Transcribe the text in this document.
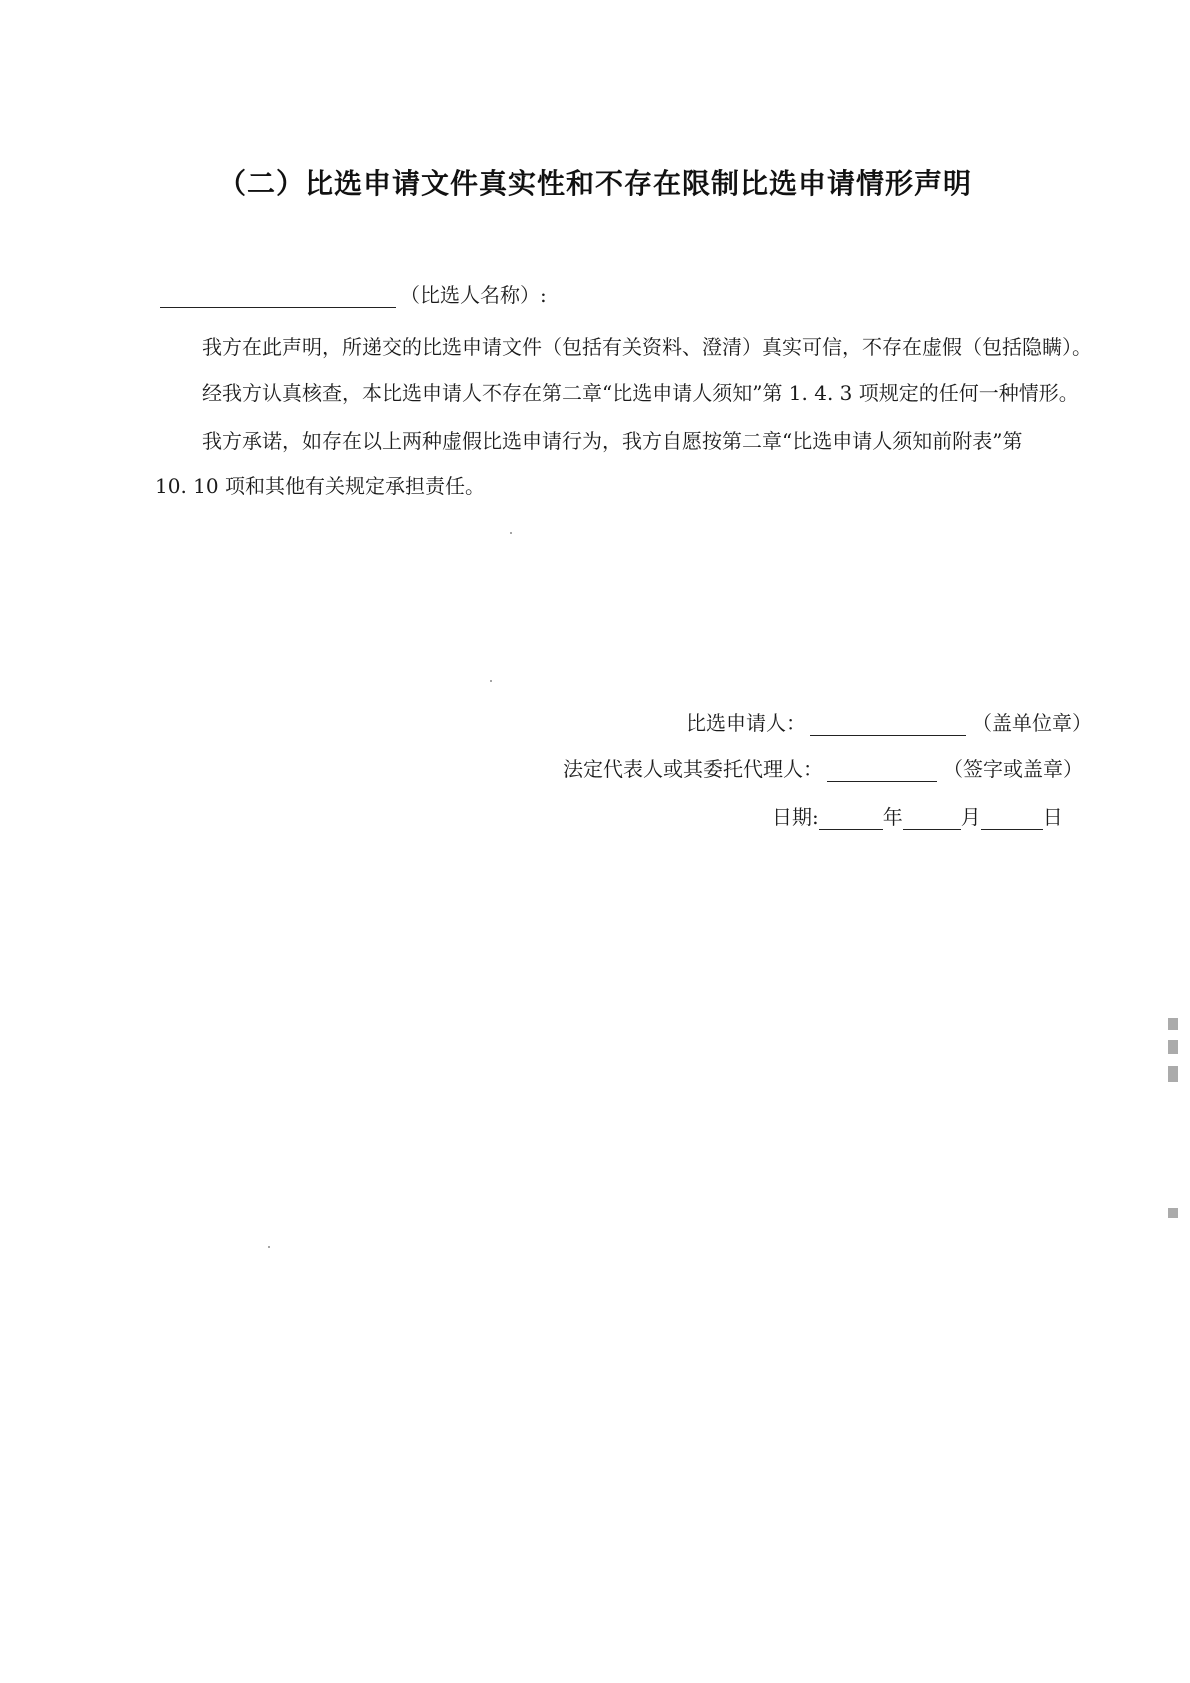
（二）比选申请文件真实性和不存在限制比选申请情形声明
（比选人名称）:
我方在此声明，所递交的比选申请文件（包括有关资料、澄清）真实可信，不存在虚假（包括隐瞒）。
经我方认真核查，本比选申请人不存在第二章“比选申请人须知”第 1. 4. 3 项规定的任何一种情形。
我方承诺，如存在以上两种虚假比选申请行为，我方自愿按第二章“比选申请人须知前附表”第
10. 10 项和其他有关规定承担责任。
比选申请人：	（盖单位章）
法定代表人或其委托代理人：	（签字或盖章）
日期:	年	月	日
